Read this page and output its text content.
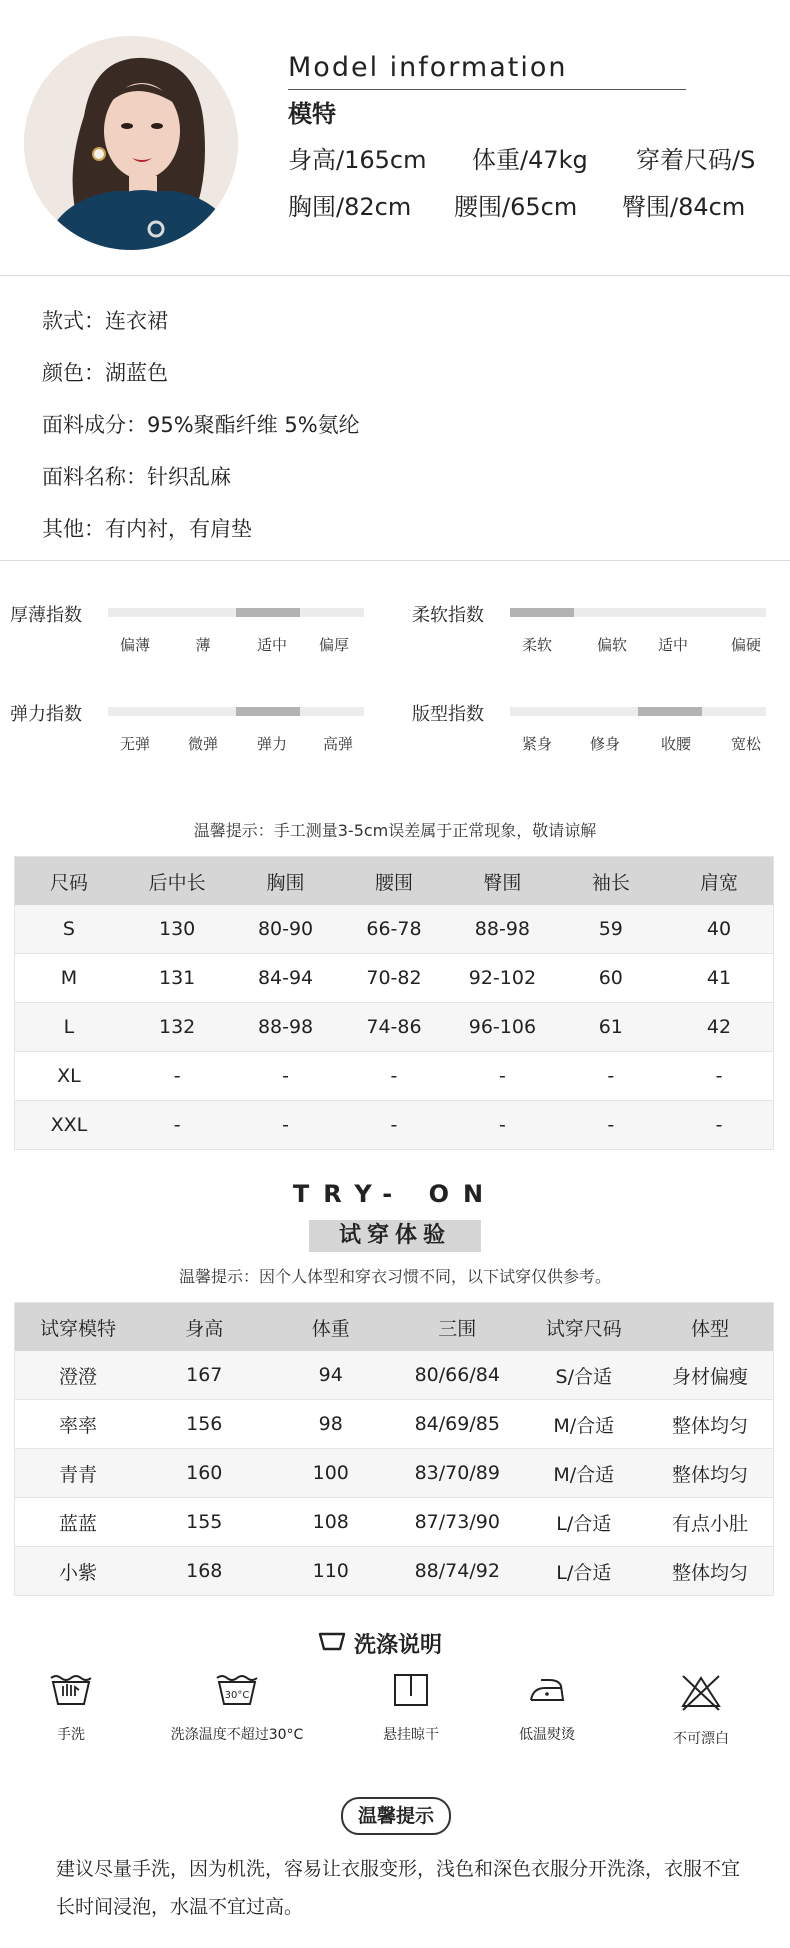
Model information
模特
身高/165cm 体重/47kg 穿着尺码/S
胸围/82cm 腰围/65cm 臀围/84cm
款式：连衣裙
颜色：湖蓝色
面料成分：95%聚酯纤维 5%氨纶
面料名称：针织乱麻
其他：有内衬，有肩垫
厚薄指数
偏薄	薄	适中 偏厚
柔软指数
柔软	偏软 适中	偏硬
弹力指数
无弹	微弹	弹力 高弹
版型指数
紧身	修身	收腰	宽松
温馨提示：手工测量3-5cm误差属于正常现象，敬请谅解
尺码	后中长	胸围	腰围	臀围	袖长	肩宽
S	130	80-90	66-78	88-98	59	40
M	131	84-94	70-82	92-102	60	41
L	132	88-98	74-86	96-106	61	42
XL	-	-	-	-	-	-
XXL	-	-	-	-	-	-
TRY- ON
试穿体验
温馨提示：因个人体型和穿衣习惯不同，以下试穿仅供参考。
试穿模特	身高	体重	三围	试穿尺码	体型
澄澄	167	94	80/66/84	S/合适	身材偏瘦
率率	156	98	84/69/85	M/合适	整体均匀
青青	160	100	83/70/89	M/合适	整体均匀
蓝蓝	155	108	87/73/90	L/合适	有点小肚
小紫	168	110	88/74/92	L/合适	整体均匀
洗涤说明
手洗
30°C
洗涤温度不超过30°C	悬挂晾干	低温熨烫	不可漂白
温馨提示
建议尽量手洗，因为机洗，容易让衣服变形，浅色和深色衣服分开洗涤，衣服不宜长时间浸泡，水温不宜过高。
